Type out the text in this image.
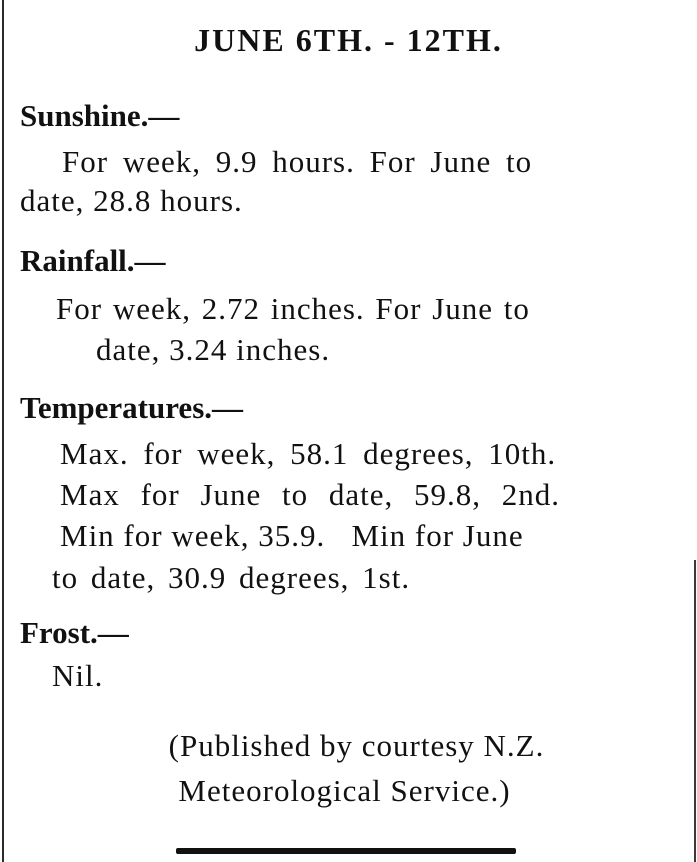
JUNE 6TH. - 12TH.
Sunshine.—
For week, 9.9 hours. For June to
date, 28.8 hours.
Rainfall.—
For week, 2.72 inches. For June to
date, 3.24 inches.
Temperatures.—
Max. for week, 58.1 degrees, 10th.
Max for June to date, 59.8, 2nd.
Min for week, 35.9.   Min for June
to date, 30.9 degrees, 1st.
Frost.—
Nil.
(Published by courtesy N.Z.
Meteorological Service.)
